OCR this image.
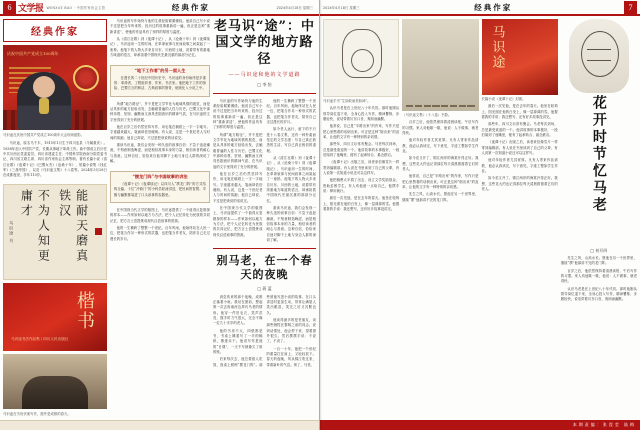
6 文学报 WENXUE BAO · 中国作家协会主管	经典作家	2024年4月18日 星期三
经典作家
庆祝中国共产党成立100周年
马识途在庆祝中国共产党成立100周年大会现场留影。

马识途，原名马千木，1915年1月生于四川忠县（今属重庆）。1938年加入中国共产党，长期从事地下革命工作。新中国成立后历任中共川西区党委委员、四川省建委主任、中国科学院西南分院党委书记、四川省文联主席、四川省作家协会主席等职。著有长篇小说《清江壮歌》《夜谭十记》《巴蜀女杰》《沧桑十年》，短篇小说集《找红军》《三战华园》，以及《马识途文集》十八卷等。2024年3月28日在成都逝世，享年110岁。

马识途 书	不为人知更庸才	能耐天磨真铁汉
楷书
马识途书法作品集 / 四川人民出版社
马识途在书房伏案写作，窗外是成都的春天。

马识途的写作始终与他的生命经验紧紧缠绕。他说自己写小说不过是把当年听来的、经历过的故事重新讲一遍，但正是这种“重新讲述”，使他的作品具有了别样的厚度与温度。

从《清江壮歌》到《夜谭十记》，从《沧桑十年》到《夜谭续记》，马识途用一生的时间，在革命叙事与民间叙事之间架起了一座桥。他笔下的人物大多来自川东、川西的土地，说着带有浓重地方味道的语言，却承担着中国现代史最沉重的那部分记忆。

“地下工作者”的另一面人生

在漫长的二十世纪中国历史中，马识途的身份始终是多重的：革命者、工程组织者、作家、书法家。他把地下工作的惊险、巴蜀方言的鲜活、古典叙事的筋骨，统统化入小说之中。

所谓“地方路径”，并不是把文学窄化为地域风情的展览，而是从具体的地方经验出发，去触碰普遍的人性与历史。巴蜀文化中那种乐观、坚韧、幽默而又深具悲剧意识的精神气质，在马识途的文字里得到了充分的舒展。

他在百岁之后仍然坚持写作，用毛笔在稿纸上一字一字地写。字迹越来越大，笔画却依旧硬朗。有人说，这是一个世纪老人与时间的赛跑；他自己却说，不过是把该说的话说完。

重读马识途，我们会发现一种久违的叙事自信：不急于追赶潮流，不刻意制造晦涩，而是相信故事本身的力量，相信读者的耐心与善意。这种自信，恰恰来自他对脚下土地与身边人群的深切了解。

“摆龙门阵”与中国故事的讲法

《夜谭十记》《夜谭续记》以四川人“摆龙门阵”的方式结构全篇，十位“冷衙门”的小科员轮流讲述，把民间的智慧、辛酸与幽默都装进了口头叙事的容器里。

在中国现当代文学的版图上，马识途提供了一个值得反复勘探的样本——作家如何以地方为方法，把个人记忆转化为民族的共同记忆，把方言土语提炼成现代汉语叙事的资源。

他的一生横跨了整整一个世纪。百年风雨，他始终站在人民一边，把笔当作另一种形式的武器，也把笔当作老友，陪伴自己走过漫长的岁月。

老马识“途”：中国文学的地方路径
——马识途和他的文学道路
□ 李 怡

马识途的写作始终与他的生命经验紧紧缠绕。他说自己写小说不过是把当年听来的、经历过的故事重新讲一遍，但正是这种“重新讲述”，使他的作品具有了别样的厚度与温度。

所谓“地方路径”，并不是把文学窄化为地域风情的展览，而是从具体的地方经验出发，去触碰普遍的人性与历史。巴蜀文化中那种乐观、坚韧、幽默而又深具悲剧意识的精神气质，在马识途的文字里得到了充分的舒展。

他在百岁之后仍然坚持写作，用毛笔在稿纸上一字一字地写。字迹越来越大，笔画却依旧硬朗。有人说，这是一个世纪老人与时间的赛跑；他自己却说，不过是把该说的话说完。

在中国现当代文学的版图上，马识途提供了一个值得反复勘探的样本——作家如何以地方为方法，把个人记忆转化为民族的共同记忆，把方言土语提炼成现代汉语叙事的资源。

他的一生横跨了整整一个世纪。百年风雨，他始终站在人民一边，把笔当作另一种形式的武器，也把笔当作老友，陪伴自己走过漫长的岁月。

如今老人远行，留下的不只是十八卷文集，还有一种朴素而坚定的文学态度：写自己真正熟悉的生活，写自己真正相信的道理。

从《清江壮歌》到《夜谭十记》，从《沧桑十年》到《夜谭续记》，马识途用一生的时间，在革命叙事与民间叙事之间架起了一座桥。他笔下的人物大多来自川东、川西的土地，说着带有浓重地方味道的语言，却承担着中国现代史最沉重的那部分记忆。

重读马识途，我们会发现一种久违的叙事自信：不急于追赶潮流，不刻意制造晦涩，而是相信故事本身的力量，相信读者的耐心与善意。这种自信，恰恰来自他对脚下土地与身边人群的深切了解。

别马老，在一个春天的夜晚
□ 蒋 蓝

消息传来的那个夜晚，成都正落着小雨。我站在窗前，想起第一次去府南河边拜访马老的情形。他穿一件旧毛衣，笑声洪亮，握手时力气很大，完全不像一位九十多岁的老人。

他的书房不大，四壁都是书，书桌上摊着写了一半的稿纸，墨迹未干。他说写作是他的“日课”，一天不写就像欠了谁的账。

后来每次去，他总要留人吃饭，饭桌上照例“摆龙门阵”。那些被他写进小说的故事，在口头讲述时更加生动，常常让满屋人笑出眼泪，笑完之后又沉默良久。

他谈得最多的是老朋友，谈那些牺牲在黎明之前的同志。说到动情处，他会停下来，望着窗外很久，然后摆摆手说：不说了，不说了。

一百一十年，他把一个世纪的重量扛在肩上，又轻轻放下。春天的夜晚，风从锦江吹过来，带着新叶的气息。别了，马老。

2024年4月18日 星期三	经典作家	7
马识途手书“生如蚁而美如神”。

认识马老是在上世纪八十年代初。那时他刚从领导岗位退下来，全身心投入写作，精神矍铄，步履轻快，说话带着川东口音，爽朗而幽默。

他常说，自己是“半路出家”的作家，写作只是把心里憋着的话倒出来。可正是这种“倒出来”的直率，让他的文字有一种特别的亲切感。

那些年，四川文坛常有聚会。马老每次到场，总是最受欢迎的一个。他讲故事的本事极好，一段旧闻到了他嘴里，便有了起承转合、悬念跌宕。

《夜谭十记》出版之后，读者来信像雪片一样寄到编辑部。有人说在书里读到了自己的父辈，有人说第一次知道小说还可以这样写。

他把稿费大半捐了出去，设立文学奖励基金，资助贫困学生。有人劝他留一点给自己，他摆手说：够用就行。

最后一次见他，是在去年的春天。他坐在轮椅上，阳光照在他的白发上，像一层薄薄的雪。他握着我的手说：我还想写，还有好多故事没讲完。

《马识途文集》（十八卷）书影。

百岁之后，他依然保持着清晨读报、午后写作的习惯。家人劝他歇一歇，他说：人不做事，就老得快。

他对年轻作者尤其宽厚。凡有人寄来作品请教，他必认真读完，写下意见，字迹工整如学生作业。

如今花又开了，锦江两岸的海棠开得正好。我想，这些花大约也记得那位每天清晨推窗看它们的老人。

他常说，自己是“半路出家”的作家，写作只是把心里憋着的话倒出来。可正是这种“倒出来”的直率，让他的文字有一种特别的亲切感。

先生之风，山高水长。愿他在另一个世界里，继续“摆”他那讲不完的龙门阵。

马识途
长篇小说《夜谭十记》封面。

最后一次见他，是在去年的春天。他坐在轮椅上，阳光照在他的白发上，像一层薄薄的雪。他握着我的手说：我还想写，还有好多故事没讲完。

那些年，四川文坛常有聚会。马老每次到场，总是最受欢迎的一个。他讲故事的本事极好，一段旧闻到了他嘴里，便有了起承转合、悬念跌宕。

《夜谭十记》出版之后，读者来信像雪片一样寄到编辑部。有人说在书里读到了自己的父辈，有人说第一次知道小说还可以这样写。

他对年轻作者尤其宽厚。凡有人寄来作品请教，他必认真读完，写下意见，字迹工整如学生作业。

如今花又开了，锦江两岸的海棠开得正好。我想，这些花大约也记得那位每天清晨推窗看它们的老人。	花开时节忆马老
□ 何开四

先生之风，山高水长。愿他在另一个世界里，继续“摆”他那讲不完的龙门阵。

百岁之后，他依然保持着清晨读报、午后写作的习惯。家人劝他歇一歇，他说：人不做事，就老得快。

认识马老是在上世纪八十年代初。那时他刚从领导岗位退下来，全身心投入写作，精神矍铄，步履轻快，说话带着川东口音，爽朗而幽默。

本期责编：张滢莹 陆梅
